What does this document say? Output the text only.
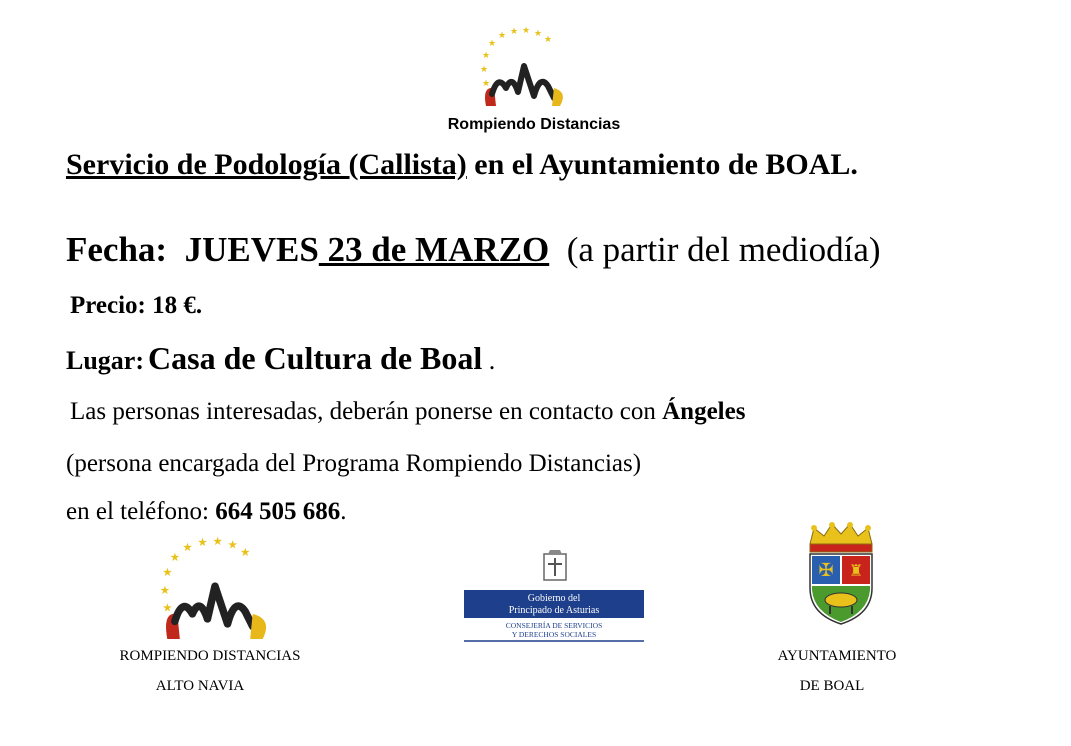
★
★ ★ ★ ★
★
★
★
★
Rompiendo Distancias
Servicio de Podología (Callista) en el Ayuntamiento de BOAL.
Fecha: JUEVES 23 de MARZO (a partir del mediodía)
Precio: 18 €.
Lugar: Casa de Cultura de Boal .
Las personas interesadas, deberán ponerse en contacto con Ángeles
(persona encargada del Programa Rompiendo Distancias)
en el teléfono: 664 505 686.
★
★ ★ ★ ★
★
★
★
★
ROMPIENDO DISTANCIAS
ALTO NAVIA
Gobierno del
Principado de Asturias
CONSEJERÍA DE SERVICIOS
Y DERECHOS SOCIALES
✠ ♜
AYUNTAMIENTO
DE BOAL
